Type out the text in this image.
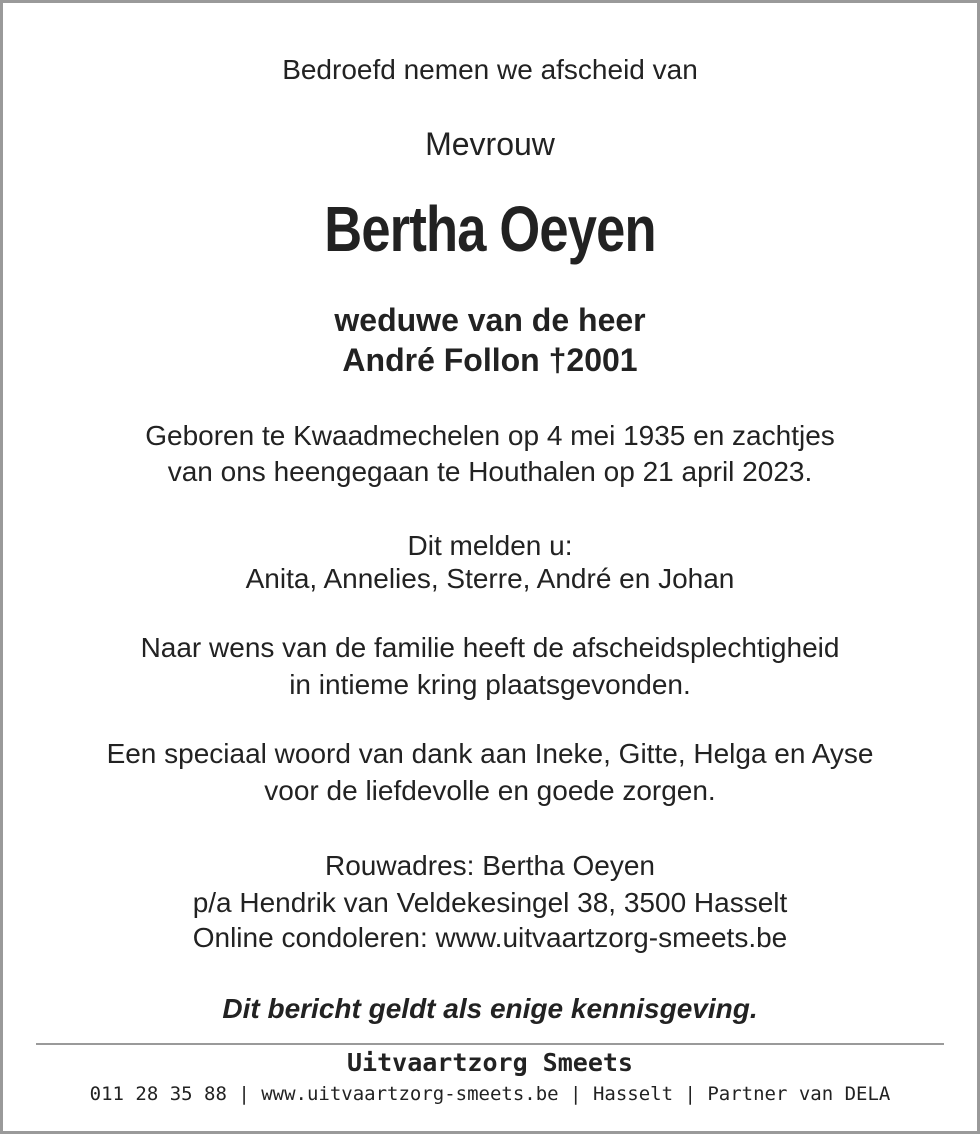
Bedroefd nemen we afscheid van
Mevrouw
Bertha Oeyen
weduwe van de heer
André Follon †2001
Geboren te Kwaadmechelen op 4 mei 1935 en zachtjes
van ons heengegaan te Houthalen op 21 april 2023.
Dit melden u:
Anita, Annelies, Sterre, André en Johan
Naar wens van de familie heeft de afscheidsplechtigheid
in intieme kring plaatsgevonden.
Een speciaal woord van dank aan Ineke, Gitte, Helga en Ayse
voor de liefdevolle en goede zorgen.
Rouwadres: Bertha Oeyen
p/a Hendrik van Veldekesingel 38, 3500 Hasselt
Online condoleren: www.uitvaartzorg-smeets.be
Dit bericht geldt als enige kennisgeving.
Uitvaartzorg Smeets
011 28 35 88 | www.uitvaartzorg-smeets.be | Hasselt | Partner van DELA
